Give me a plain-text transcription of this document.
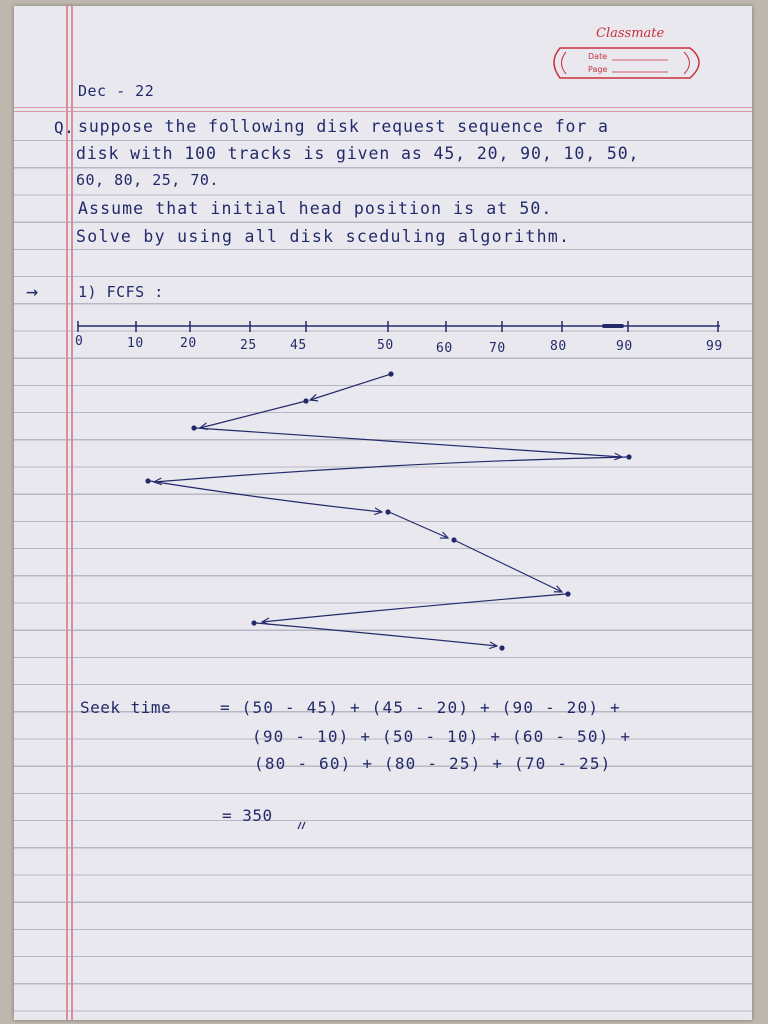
Classmate
Date
Page
Dec - 22
Q. suppose the following disk request sequence for a
disk with 100 tracks is given as 45, 20, 90, 10, 50,
60, 80, 25, 70.
Assume that initial head position is at 50.
Solve by using all disk sceduling algorithm.
→	1) FCFS :
0	10	20	25	45	50	60	70	80	90	99
Seek time	= (50 - 45) + (45 - 20) + (90 - 20) +
(90 - 10) + (50 - 10) + (60 - 50) +
(80 - 60) + (80 - 25) + (70 - 25)
= 350
